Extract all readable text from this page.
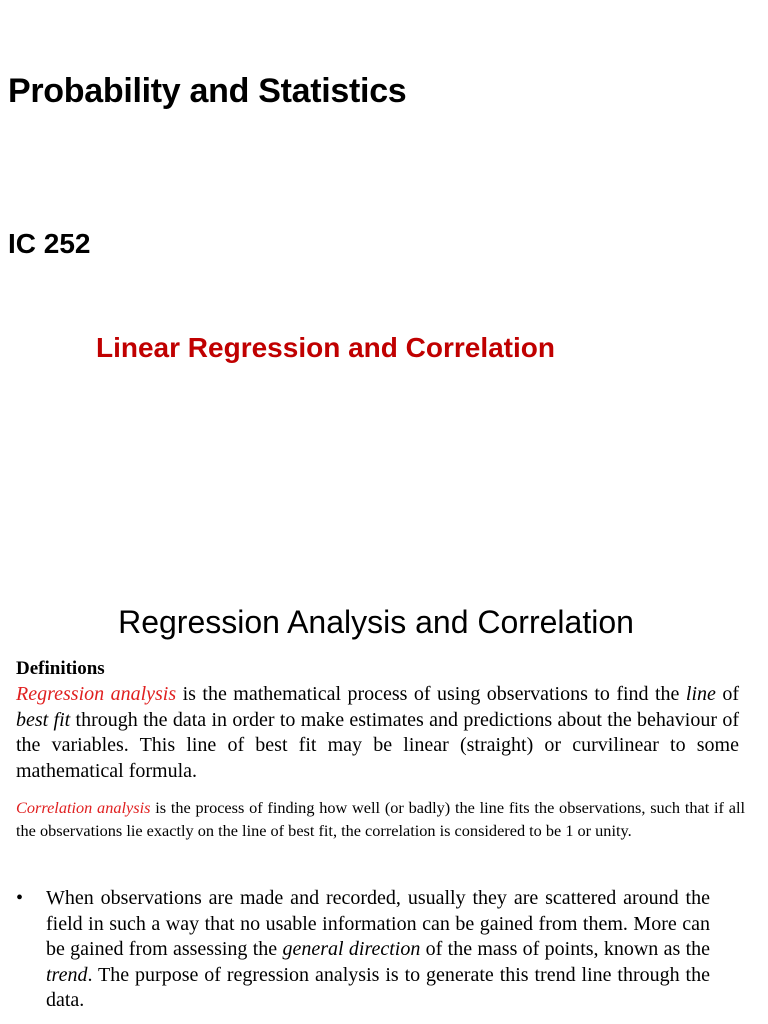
Probability and Statistics
IC 252
Linear Regression and Correlation
Regression Analysis and Correlation
Definitions
Regression analysis is the mathematical process of using observations to find the line of best fit through the data in order to make estimates and predictions about the behaviour of the variables. This line of best fit may be linear (straight) or curvilinear to some mathematical formula.
Correlation analysis is the process of finding how well (or badly) the line fits the observations, such that if all the observations lie exactly on the line of best fit, the correlation is considered to be 1 or unity.
• When observations are made and recorded, usually they are scattered around the field in such a way that no usable information can be gained from them. More can be gained from assessing the general direction of the mass of points, known as the trend. The purpose of regression analysis is to generate this trend line through the data.
